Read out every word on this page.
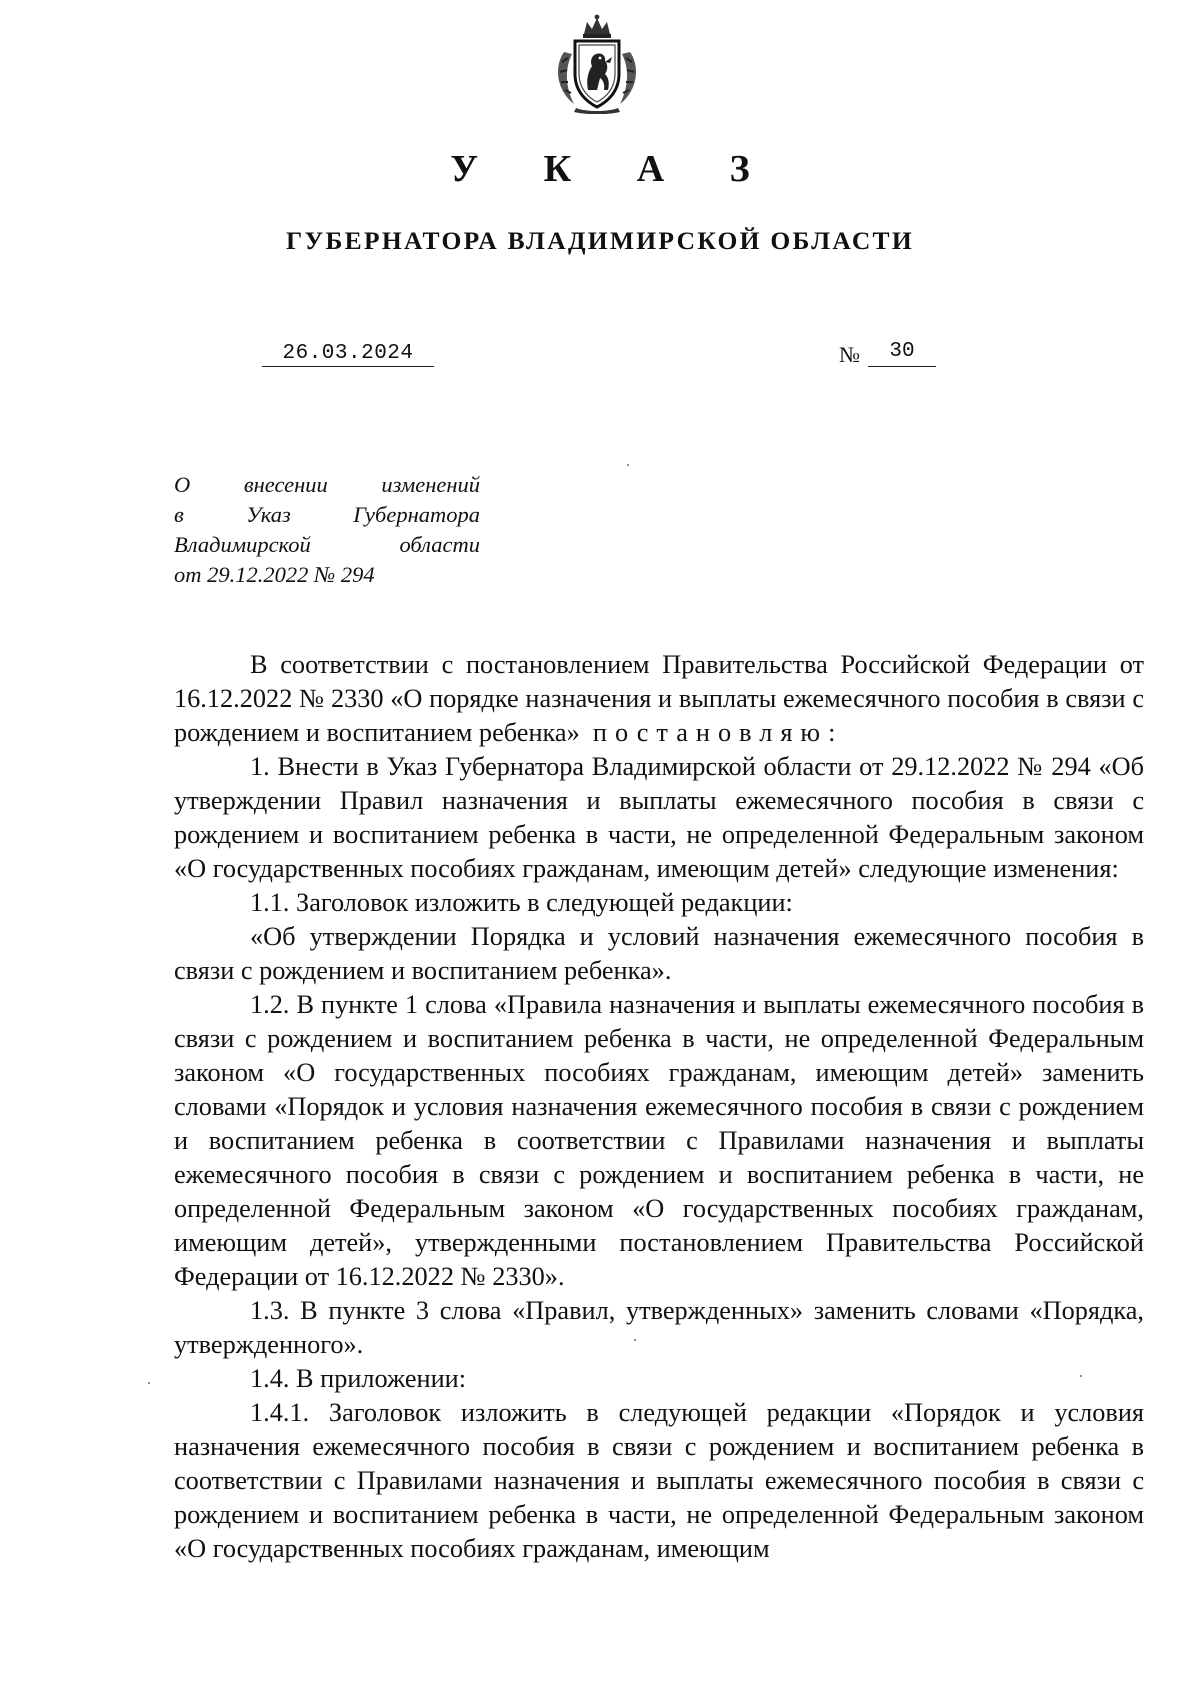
У К А З
ГУБЕРНАТОРА ВЛАДИМИРСКОЙ ОБЛАСТИ
26.03.2024	№	30
О внесении изменений
в	Указ	Губернатора
Владимирской	области
от 29.12.2022 № 294

В соответствии с постановлением Правительства Российской Федерации от 16.12.2022 № 2330 «О порядке назначения и выплаты ежемесячного пособия в связи с рождением и воспитанием ребенка» постановляю:

1. Внести в Указ Губернатора Владимирской области от 29.12.2022 № 294 «Об утверждении Правил назначения и выплаты ежемесячного пособия в связи с рождением и воспитанием ребенка в части, не определенной Федеральным законом «О государственных пособиях гражданам, имеющим детей» следующие изменения:

1.1. Заголовок изложить в следующей редакции:

«Об утверждении Порядка и условий назначения ежемесячного пособия в связи с рождением и воспитанием ребенка».

1.2. В пункте 1 слова «Правила назначения и выплаты ежемесячного пособия в связи с рождением и воспитанием ребенка в части, не определенной Федеральным законом «О государственных пособиях гражданам, имеющим детей» заменить словами «Порядок и условия назначения ежемесячного пособия в связи с рождением и воспитанием ребенка в соответствии с Правилами назначения и выплаты ежемесячного пособия в связи с рождением и воспитанием ребенка в части, не определенной Федеральным законом «О государственных пособиях гражданам, имеющим детей», утвержденными постановлением Правительства Российской Федерации от 16.12.2022 № 2330».

1.3. В пункте 3 слова «Правил, утвержденных» заменить словами «Порядка, утвержденного».

1.4. В приложении:

1.4.1. Заголовок изложить в следующей редакции «Порядок и условия назначения ежемесячного пособия в связи с рождением и воспитанием ребенка в соответствии с Правилами назначения и выплаты ежемесячного пособия в связи с рождением и воспитанием ребенка в части, не определенной Федеральным законом «О государственных пособиях гражданам, имеющим
